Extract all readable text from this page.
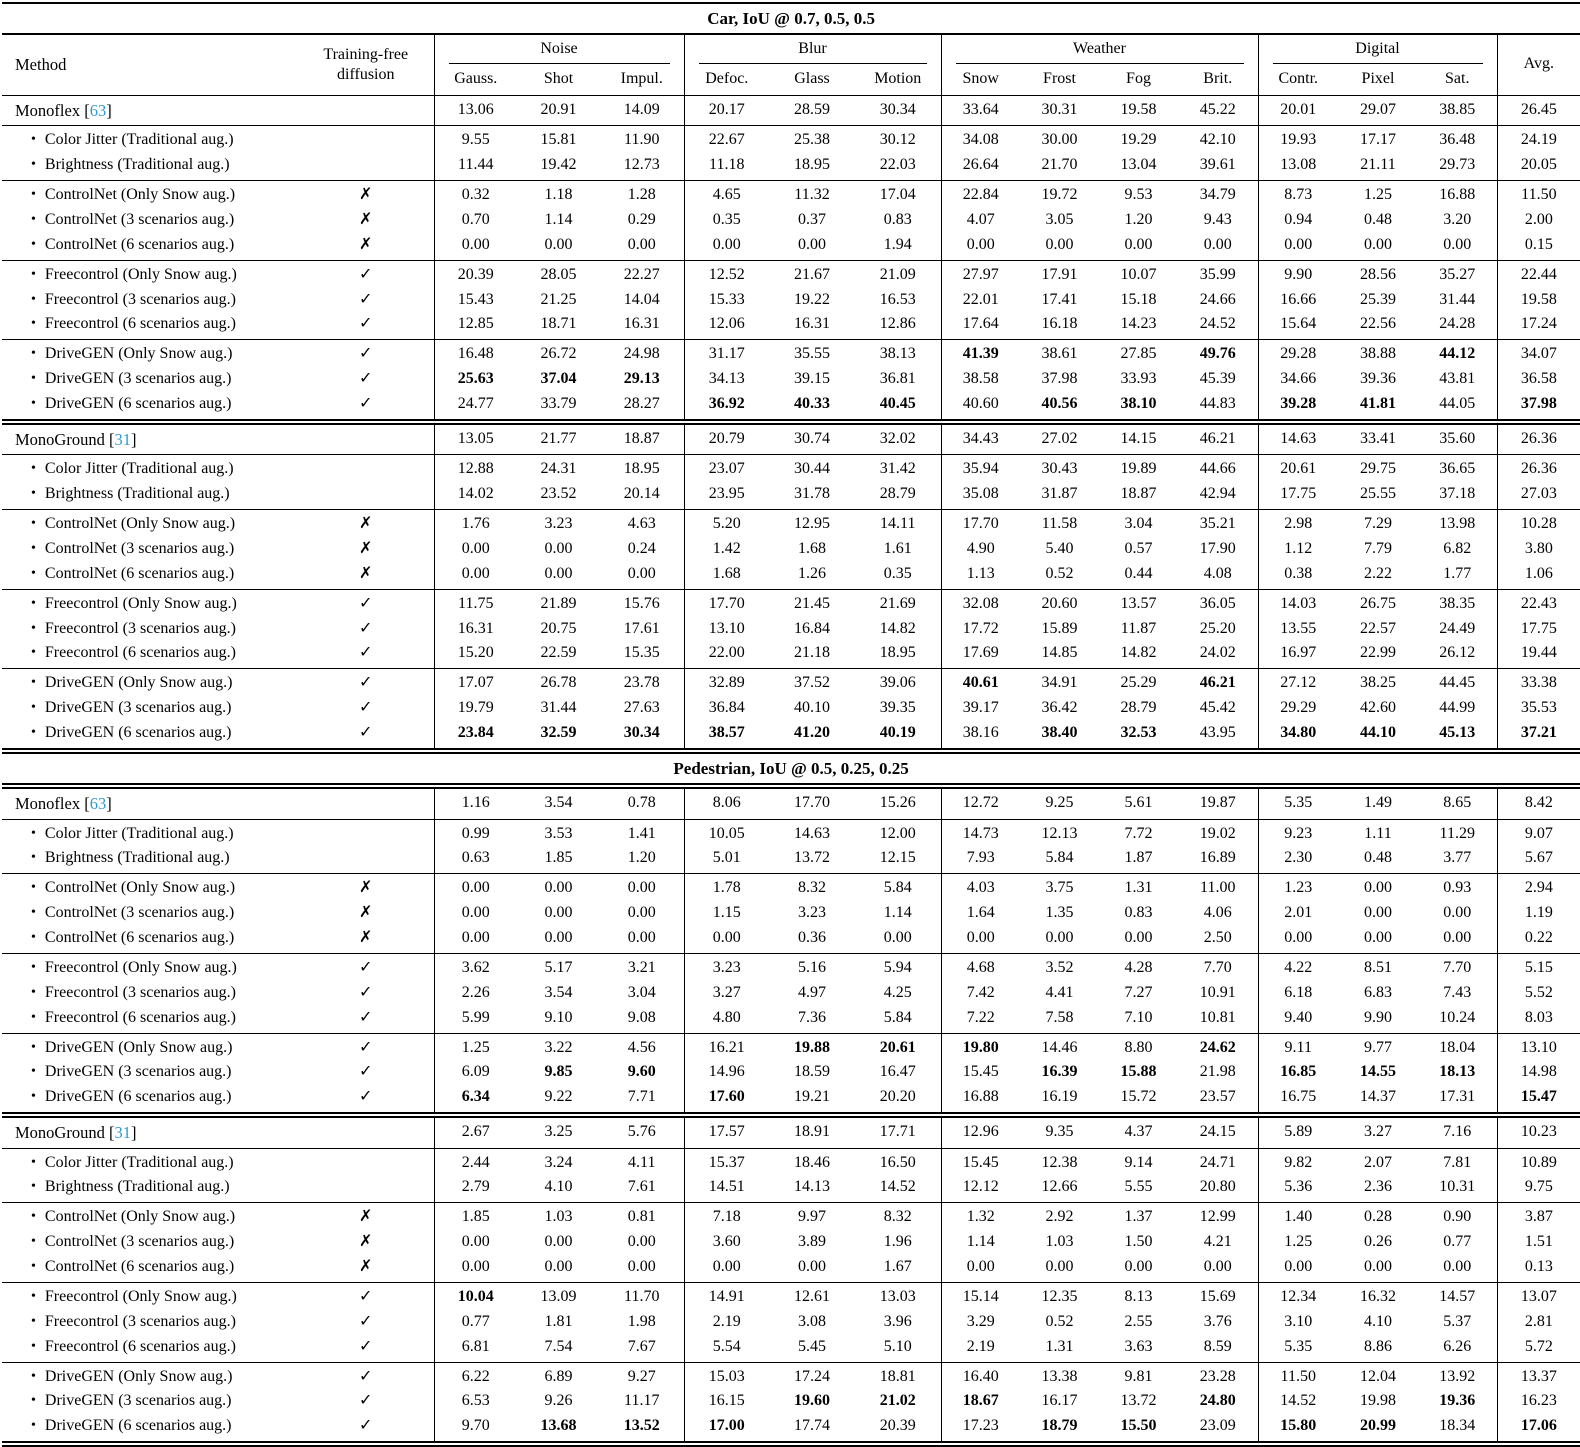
Car, IoU @ 0.7, 0.5, 0.5															
Method	Training-free diffusion	Noise			Blur			Weather				Digital			Avg.
		Gauss.	Shot	Impul.	Defoc.	Glass	Motion	Snow	Frost	Fog	Brit.	Contr.	Pixel	Sat.	
Monoflex [63]		13.06	20.91	14.09	20.17	28.59	30.34	33.64	30.31	19.58	45.22	20.01	29.07	38.85	26.45
• Color Jitter (Traditional aug.)		9.55	15.81	11.90	22.67	25.38	30.12	34.08	30.00	19.29	42.10	19.93	17.17	36.48	24.19
• Brightness (Traditional aug.)		11.44	19.42	12.73	11.18	18.95	22.03	26.64	21.70	13.04	39.61	13.08	21.11	29.73	20.05
• ControlNet (Only Snow aug.)	✗	0.32	1.18	1.28	4.65	11.32	17.04	22.84	19.72	9.53	34.79	8.73	1.25	16.88	11.50
• ControlNet (3 scenarios aug.)	✗	0.70	1.14	0.29	0.35	0.37	0.83	4.07	3.05	1.20	9.43	0.94	0.48	3.20	2.00
• ControlNet (6 scenarios aug.)	✗	0.00	0.00	0.00	0.00	0.00	1.94	0.00	0.00	0.00	0.00	0.00	0.00	0.00	0.15
• Freecontrol (Only Snow aug.)	✓	20.39	28.05	22.27	12.52	21.67	21.09	27.97	17.91	10.07	35.99	9.90	28.56	35.27	22.44
• Freecontrol (3 scenarios aug.)	✓	15.43	21.25	14.04	15.33	19.22	16.53	22.01	17.41	15.18	24.66	16.66	25.39	31.44	19.58
• Freecontrol (6 scenarios aug.)	✓	12.85	18.71	16.31	12.06	16.31	12.86	17.64	16.18	14.23	24.52	15.64	22.56	24.28	17.24
• DriveGEN (Only Snow aug.)	✓	16.48	26.72	24.98	31.17	35.55	38.13	41.39	38.61	27.85	49.76	29.28	38.88	44.12	34.07
• DriveGEN (3 scenarios aug.)	✓	25.63	37.04	29.13	34.13	39.15	36.81	38.58	37.98	33.93	45.39	34.66	39.36	43.81	36.58
• DriveGEN (6 scenarios aug.)	✓	24.77	33.79	28.27	36.92	40.33	40.45	40.60	40.56	38.10	44.83	39.28	41.81	44.05	37.98
MonoGround [31]		13.05	21.77	18.87	20.79	30.74	32.02	34.43	27.02	14.15	46.21	14.63	33.41	35.60	26.36
• Color Jitter (Traditional aug.)		12.88	24.31	18.95	23.07	30.44	31.42	35.94	30.43	19.89	44.66	20.61	29.75	36.65	26.36
• Brightness (Traditional aug.)		14.02	23.52	20.14	23.95	31.78	28.79	35.08	31.87	18.87	42.94	17.75	25.55	37.18	27.03
• ControlNet (Only Snow aug.)	✗	1.76	3.23	4.63	5.20	12.95	14.11	17.70	11.58	3.04	35.21	2.98	7.29	13.98	10.28
• ControlNet (3 scenarios aug.)	✗	0.00	0.00	0.24	1.42	1.68	1.61	4.90	5.40	0.57	17.90	1.12	7.79	6.82	3.80
• ControlNet (6 scenarios aug.)	✗	0.00	0.00	0.00	1.68	1.26	0.35	1.13	0.52	0.44	4.08	0.38	2.22	1.77	1.06
• Freecontrol (Only Snow aug.)	✓	11.75	21.89	15.76	17.70	21.45	21.69	32.08	20.60	13.57	36.05	14.03	26.75	38.35	22.43
• Freecontrol (3 scenarios aug.)	✓	16.31	20.75	17.61	13.10	16.84	14.82	17.72	15.89	11.87	25.20	13.55	22.57	24.49	17.75
• Freecontrol (6 scenarios aug.)	✓	15.20	22.59	15.35	22.00	21.18	18.95	17.69	14.85	14.82	24.02	16.97	22.99	26.12	19.44
• DriveGEN (Only Snow aug.)	✓	17.07	26.78	23.78	32.89	37.52	39.06	40.61	34.91	25.29	46.21	27.12	38.25	44.45	33.38
• DriveGEN (3 scenarios aug.)	✓	19.79	31.44	27.63	36.84	40.10	39.35	39.17	36.42	28.79	45.42	29.29	42.60	44.99	35.53
• DriveGEN (6 scenarios aug.)	✓	23.84	32.59	30.34	38.57	41.20	40.19	38.16	38.40	32.53	43.95	34.80	44.10	45.13	37.21
Pedestrian, IoU @ 0.5, 0.25, 0.25															
Monoflex [63]		1.16	3.54	0.78	8.06	17.70	15.26	12.72	9.25	5.61	19.87	5.35	1.49	8.65	8.42
• Color Jitter (Traditional aug.)		0.99	3.53	1.41	10.05	14.63	12.00	14.73	12.13	7.72	19.02	9.23	1.11	11.29	9.07
• Brightness (Traditional aug.)		0.63	1.85	1.20	5.01	13.72	12.15	7.93	5.84	1.87	16.89	2.30	0.48	3.77	5.67
• ControlNet (Only Snow aug.)	✗	0.00	0.00	0.00	1.78	8.32	5.84	4.03	3.75	1.31	11.00	1.23	0.00	0.93	2.94
• ControlNet (3 scenarios aug.)	✗	0.00	0.00	0.00	1.15	3.23	1.14	1.64	1.35	0.83	4.06	2.01	0.00	0.00	1.19
• ControlNet (6 scenarios aug.)	✗	0.00	0.00	0.00	0.00	0.36	0.00	0.00	0.00	0.00	2.50	0.00	0.00	0.00	0.22
• Freecontrol (Only Snow aug.)	✓	3.62	5.17	3.21	3.23	5.16	5.94	4.68	3.52	4.28	7.70	4.22	8.51	7.70	5.15
• Freecontrol (3 scenarios aug.)	✓	2.26	3.54	3.04	3.27	4.97	4.25	7.42	4.41	7.27	10.91	6.18	6.83	7.43	5.52
• Freecontrol (6 scenarios aug.)	✓	5.99	9.10	9.08	4.80	7.36	5.84	7.22	7.58	7.10	10.81	9.40	9.90	10.24	8.03
• DriveGEN (Only Snow aug.)	✓	1.25	3.22	4.56	16.21	19.88	20.61	19.80	14.46	8.80	24.62	9.11	9.77	18.04	13.10
• DriveGEN (3 scenarios aug.)	✓	6.09	9.85	9.60	14.96	18.59	16.47	15.45	16.39	15.88	21.98	16.85	14.55	18.13	14.98
• DriveGEN (6 scenarios aug.)	✓	6.34	9.22	7.71	17.60	19.21	20.20	16.88	16.19	15.72	23.57	16.75	14.37	17.31	15.47
MonoGround [31]		2.67	3.25	5.76	17.57	18.91	17.71	12.96	9.35	4.37	24.15	5.89	3.27	7.16	10.23
• Color Jitter (Traditional aug.)		2.44	3.24	4.11	15.37	18.46	16.50	15.45	12.38	9.14	24.71	9.82	2.07	7.81	10.89
• Brightness (Traditional aug.)		2.79	4.10	7.61	14.51	14.13	14.52	12.12	12.66	5.55	20.80	5.36	2.36	10.31	9.75
• ControlNet (Only Snow aug.)	✗	1.85	1.03	0.81	7.18	9.97	8.32	1.32	2.92	1.37	12.99	1.40	0.28	0.90	3.87
• ControlNet (3 scenarios aug.)	✗	0.00	0.00	0.00	3.60	3.89	1.96	1.14	1.03	1.50	4.21	1.25	0.26	0.77	1.51
• ControlNet (6 scenarios aug.)	✗	0.00	0.00	0.00	0.00	0.00	1.67	0.00	0.00	0.00	0.00	0.00	0.00	0.00	0.13
• Freecontrol (Only Snow aug.)	✓	10.04	13.09	11.70	14.91	12.61	13.03	15.14	12.35	8.13	15.69	12.34	16.32	14.57	13.07
• Freecontrol (3 scenarios aug.)	✓	0.77	1.81	1.98	2.19	3.08	3.96	3.29	0.52	2.55	3.76	3.10	4.10	5.37	2.81
• Freecontrol (6 scenarios aug.)	✓	6.81	7.54	7.67	5.54	5.45	5.10	2.19	1.31	3.63	8.59	5.35	8.86	6.26	5.72
• DriveGEN (Only Snow aug.)	✓	6.22	6.89	9.27	15.03	17.24	18.81	16.40	13.38	9.81	23.28	11.50	12.04	13.92	13.37
• DriveGEN (3 scenarios aug.)	✓	6.53	9.26	11.17	16.15	19.60	21.02	18.67	16.17	13.72	24.80	14.52	19.98	19.36	16.23
• DriveGEN (6 scenarios aug.)	✓	9.70	13.68	13.52	17.00	17.74	20.39	17.23	18.79	15.50	23.09	15.80	20.99	18.34	17.06
